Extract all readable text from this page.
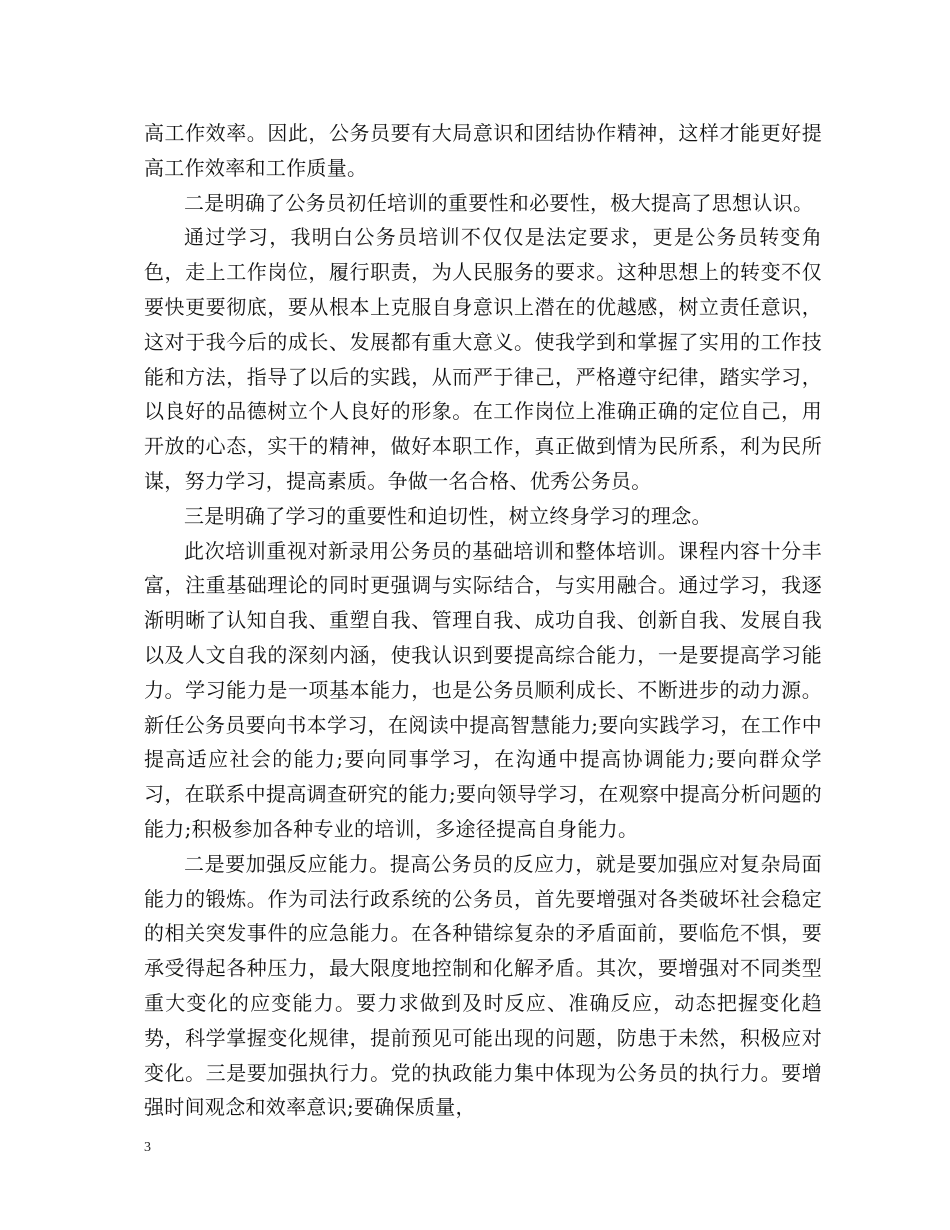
高工作效率。因此，公务员要有大局意识和团结协作精神，这样才能更好提高工作效率和工作质量。

二是明确了公务员初任培训的重要性和必要性，极大提高了思想认识。

通过学习，我明白公务员培训不仅仅是法定要求，更是公务员转变角色，走上工作岗位，履行职责，为人民服务的要求。这种思想上的转变不仅要快更要彻底，要从根本上克服自身意识上潜在的优越感，树立责任意识，这对于我今后的成长、发展都有重大意义。使我学到和掌握了实用的工作技能和方法，指导了以后的实践，从而严于律己，严格遵守纪律，踏实学习，以良好的品德树立个人良好的形象。在工作岗位上准确正确的定位自己，用开放的心态，实干的精神，做好本职工作，真正做到情为民所系，利为民所谋，努力学习，提高素质。争做一名合格、优秀公务员。

三是明确了学习的重要性和迫切性，树立终身学习的理念。

此次培训重视对新录用公务员的基础培训和整体培训。课程内容十分丰富，注重基础理论的同时更强调与实际结合，与实用融合。通过学习，我逐渐明晰了认知自我、重塑自我、管理自我、成功自我、创新自我、发展自我以及人文自我的深刻内涵，使我认识到要提高综合能力，一是要提高学习能力。学习能力是一项基本能力，也是公务员顺利成长、不断进步的动力源。新任公务员要向书本学习，在阅读中提高智慧能力;要向实践学习，在工作中提高适应社会的能力;要向同事学习，在沟通中提高协调能力;要向群众学习，在联系中提高调查研究的能力;要向领导学习，在观察中提高分析问题的能力;积极参加各种专业的培训，多途径提高自身能力。

二是要加强反应能力。提高公务员的反应力，就是要加强应对复杂局面能力的锻炼。作为司法行政系统的公务员，首先要增强对各类破坏社会稳定的相关突发事件的应急能力。在各种错综复杂的矛盾面前，要临危不惧，要承受得起各种压力，最大限度地控制和化解矛盾。其次，要增强对不同类型重大变化的应变能力。要力求做到及时反应、准确反应，动态把握变化趋势，科学掌握变化规律，提前预见可能出现的问题，防患于未然，积极应对变化。三是要加强执行力。党的执政能力集中体现为公务员的执行力。要增强时间观念和效率意识;要确保质量，

3
